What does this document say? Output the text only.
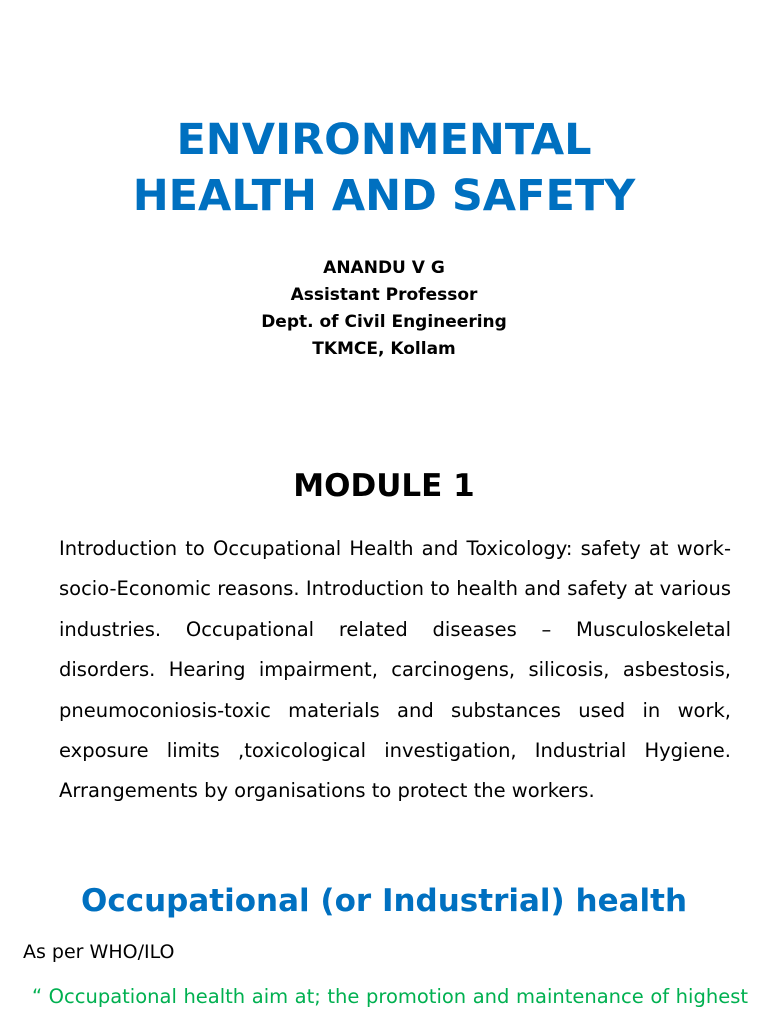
ENVIRONMENTAL
HEALTH AND SAFETY
ANANDU V G
Assistant Professor
Dept. of Civil Engineering
TKMCE, Kollam
MODULE 1

Introduction to Occupational Health and Toxicology: safety at work-socio-Economic reasons. Introduction to health and safety at various industries. Occupational related diseases – Musculoskeletal disorders. Hearing impairment, carcinogens, silicosis, asbestosis, pneumoconiosis-toxic materials and substances used in work, exposure limits ,toxicological investigation, Industrial Hygiene. Arrangements by organisations to protect the workers.

Occupational (or Industrial) health

As per WHO/ILO

“ Occupational health aim at; the promotion and maintenance of highest
